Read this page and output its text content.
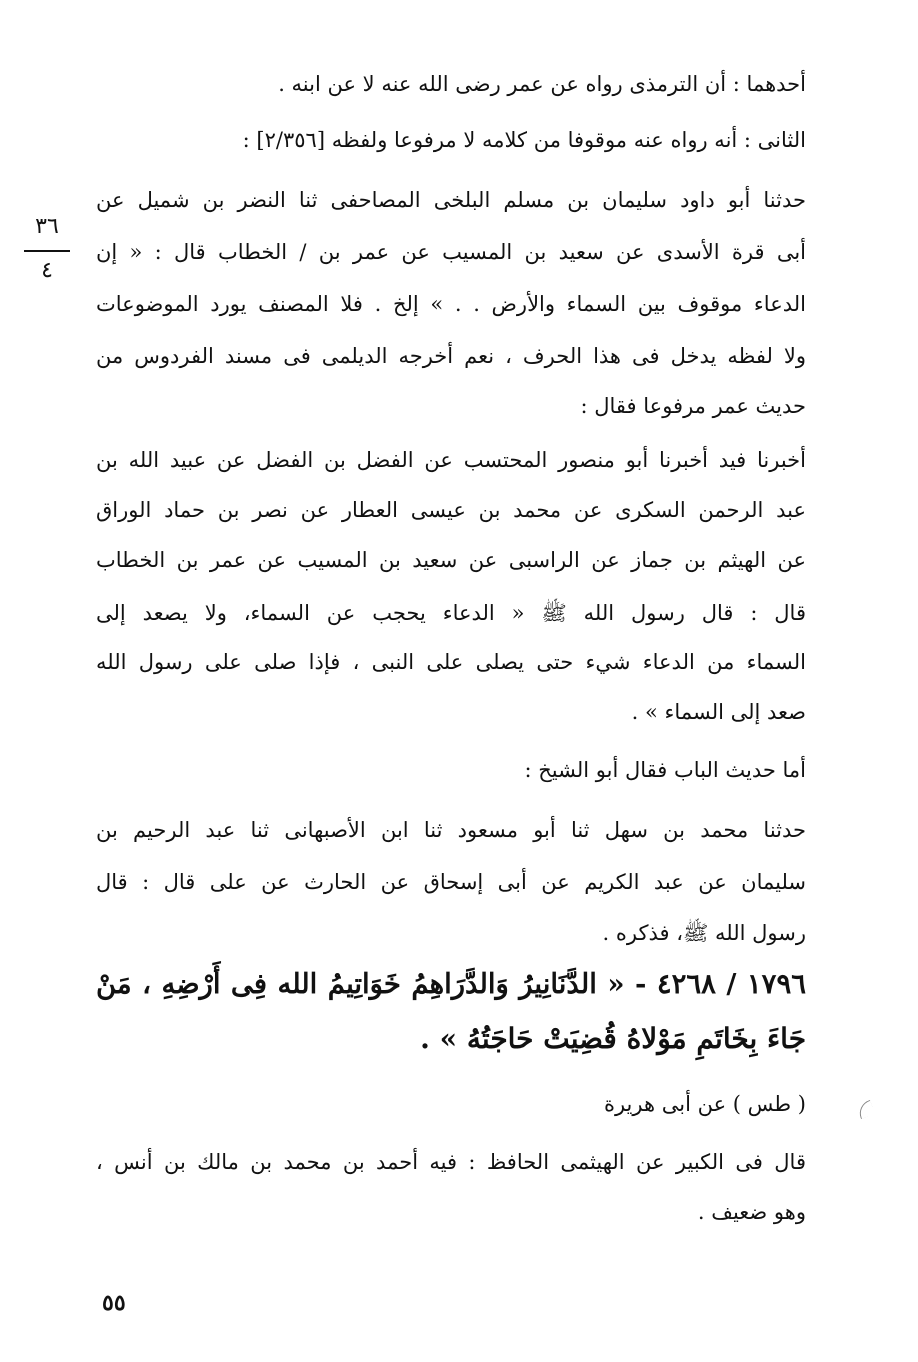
٣٦
٤
أحدهما : أن الترمذى رواه عن عمر رضى الله عنه لا عن ابنه .
الثانى : أنه رواه عنه موقوفا من كلامه لا مرفوعا ولفظه [٢/٣٥٦] :
حدثنا أبو داود سليمان بن مسلم البلخى المصاحفى ثنا النضر بن شميل عن
أبى قرة الأسدى عن سعيد بن المسيب عن عمر بن / الخطاب قال : « إن
الدعاء موقوف بين السماء والأرض . . » إلخ . فلا المصنف يورد الموضوعات
ولا لفظه يدخل فى هذا الحرف ، نعم أخرجه الديلمى فى مسند الفردوس من
حديث عمر مرفوعا فقال :
أخبرنا فيد أخبرنا أبو منصور المحتسب عن الفضل بن الفضل عن عبيد الله بن
عبد الرحمن السكرى عن محمد بن عيسى العطار عن نصر بن حماد الوراق
عن الهيثم بن جماز عن الراسبى عن سعيد بن المسيب عن عمر بن الخطاب
قال : قال رسول الله ﷺ « الدعاء يحجب عن السماء، ولا يصعد إلى
السماء من الدعاء شيء حتى يصلى على النبى ، فإذا صلى على رسول الله
صعد إلى السماء » .
أما حديث الباب فقال أبو الشيخ :
حدثنا محمد بن سهل ثنا أبو مسعود ثنا ابن الأصبهانى ثنا عبد الرحيم بن
سليمان عن عبد الكريم عن أبى إسحاق عن الحارث عن على قال : قال
رسول الله ﷺ، فذكره .
١٧٩٦ / ٤٢٦٨ - « الدَّنَانِيرُ وَالدَّرَاهِمُ خَوَاتِيمُ الله فِى أَرْضِهِ ، مَنْ
جَاءَ بِخَاتَمِ مَوْلاهُ قُضِيَتْ حَاجَتُهُ » .
( طس ) عن أبى هريرة
قال فى الكبير عن الهيثمى الحافظ : فيه أحمد بن محمد بن مالك بن أنس ،
وهو ضعيف .
٥٥
